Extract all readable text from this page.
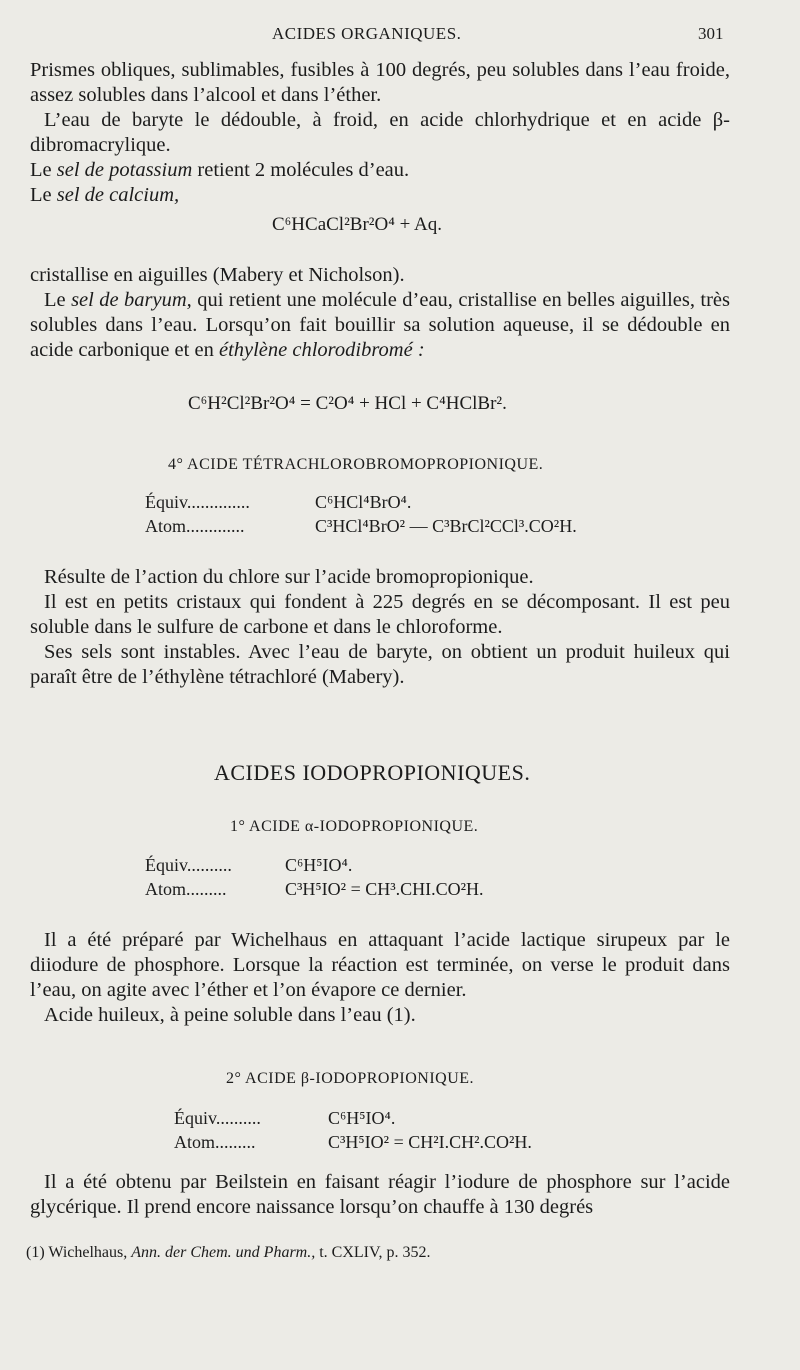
ACIDES ORGANIQUES.	301

Prismes obliques, sublimables, fusibles à 100 degrés, peu solubles dans l’eau froide, assez solubles dans l’alcool et dans l’éther.

L’eau de baryte le dédouble, à froid, en acide chlorhydrique et en acide β-dibromacrylique.

Le sel de potassium retient 2 molécules d’eau.

Le sel de calcium,

C⁶HCaCl²Br²O⁴ + Aq.

cristallise en aiguilles (Mabery et Nicholson).

Le sel de baryum, qui retient une molécule d’eau, cristallise en belles aiguilles, très solubles dans l’eau. Lorsqu’on fait bouillir sa solution aqueuse, il se dédouble en acide carbonique et en éthylène chlorodibromé :

C⁶H²Cl²Br²O⁴ = C²O⁴ + HCl + C⁴HClBr².
4° ACIDE TÉTRACHLOROBROMOPROPIONIQUE.
Équiv..............	C⁶HCl⁴BrO⁴.
Atom.............	C³HCl⁴BrO² — C³BrCl²CCl³.CO²H.

Résulte de l’action du chlore sur l’acide bromopropionique.

Il est en petits cristaux qui fondent à 225 degrés en se décomposant. Il est peu soluble dans le sulfure de carbone et dans le chloroforme.

Ses sels sont instables. Avec l’eau de baryte, on obtient un produit huileux qui paraît être de l’éthylène tétrachloré (Mabery).

ACIDES IODOPROPIONIQUES.
1° ACIDE α-IODOPROPIONIQUE.
Équiv..........	C⁶H⁵IO⁴.
Atom.........	C³H⁵IO² = CH³.CHI.CO²H.

Il a été préparé par Wichelhaus en attaquant l’acide lactique sirupeux par le diiodure de phosphore. Lorsque la réaction est terminée, on verse le produit dans l’eau, on agite avec l’éther et l’on évapore ce dernier.

Acide huileux, à peine soluble dans l’eau (1).

2° ACIDE β-IODOPROPIONIQUE.
Équiv..........	C⁶H⁵IO⁴.
Atom.........	C³H⁵IO² = CH²I.CH².CO²H.

Il a été obtenu par Beilstein en faisant réagir l’iodure de phosphore sur l’acide glycérique. Il prend encore naissance lorsqu’on chauffe à 130 degrés

(1) Wichelhaus, Ann. der Chem. und Pharm., t. CXLIV, p. 352.
